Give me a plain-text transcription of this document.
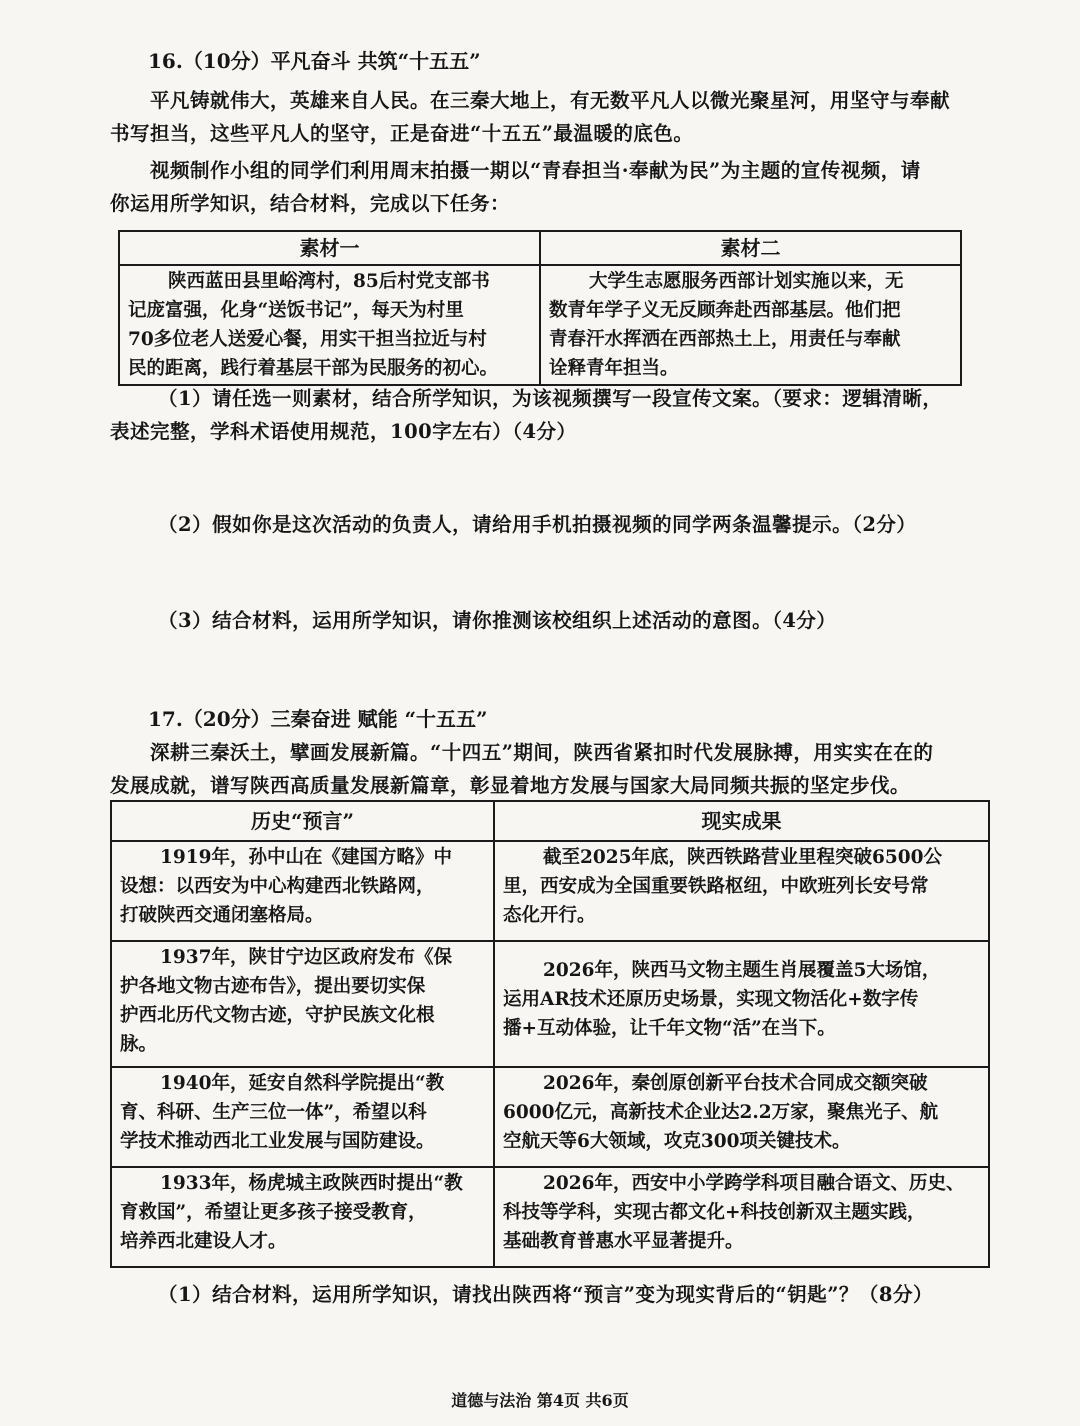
16.（10分）平凡奋斗 共筑“十五五”

平凡铸就伟大，英雄来自人民。在三秦大地上，有无数平凡人以微光聚星河，用坚守与奉献

书写担当，这些平凡人的坚守，正是奋进“十五五”最温暖的底色。

视频制作小组的同学们利用周末拍摄一期以“青春担当·奉献为民”为主题的宣传视频，请

你运用所学知识，结合材料，完成以下任务：

素材一	素材二

陕西蓝田县里峪湾村，85后村党支部书
记庞富强，化身“送饭书记”，每天为村里
70多位老人送爱心餐，用实干担当拉近与村
民的距离，践行着基层干部为民服务的初心。	大学生志愿服务西部计划实施以来，无
数青年学子义无反顾奔赴西部基层。他们把
青春汗水挥洒在西部热土上，用责任与奉献
诠释青年担当。

（1）请任选一则素材，结合所学知识，为该视频撰写一段宣传文案。（要求：逻辑清晰，

表述完整，学科术语使用规范，100字左右）（4分）

（2）假如你是这次活动的负责人，请给用手机拍摄视频的同学两条温馨提示。（2分）

（3）结合材料，运用所学知识，请你推测该校组织上述活动的意图。（4分）

17.（20分）三秦奋进 赋能 “十五五”

深耕三秦沃土，擘画发展新篇。“十四五”期间，陕西省紧扣时代发展脉搏，用实实在在的

发展成就，谱写陕西高质量发展新篇章，彰显着地方发展与国家大局同频共振的坚定步伐。

历史“预言”	现实成果

1919年，孙中山在《建国方略》中
设想：以西安为中心构建西北铁路网，
打破陕西交通闭塞格局。	截至2025年底，陕西铁路营业里程突破6500公
里，西安成为全国重要铁路枢纽，中欧班列长安号常
态化开行。

1937年，陕甘宁边区政府发布《保
护各地文物古迹布告》，提出要切实保
护西北历代文物古迹，守护民族文化根
脉。	2026年，陕西马文物主题生肖展覆盖5大场馆，
运用AR技术还原历史场景，实现文物活化+数字传
播+互动体验，让千年文物“活”在当下。

1940年，延安自然科学院提出“教
育、科研、生产三位一体”，希望以科
学技术推动西北工业发展与国防建设。	2026年，秦创原创新平台技术合同成交额突破
6000亿元，高新技术企业达2.2万家，聚焦光子、航
空航天等6大领域，攻克300项关键技术。

1933年，杨虎城主政陕西时提出“教
育救国”，希望让更多孩子接受教育，
培养西北建设人才。	2026年，西安中小学跨学科项目融合语文、历史、
科技等学科，实现古都文化+科技创新双主题实践，
基础教育普惠水平显著提升。

（1）结合材料，运用所学知识，请找出陕西将“预言”变为现实背后的“钥匙”？（8分）

道德与法治 第4页 共6页
